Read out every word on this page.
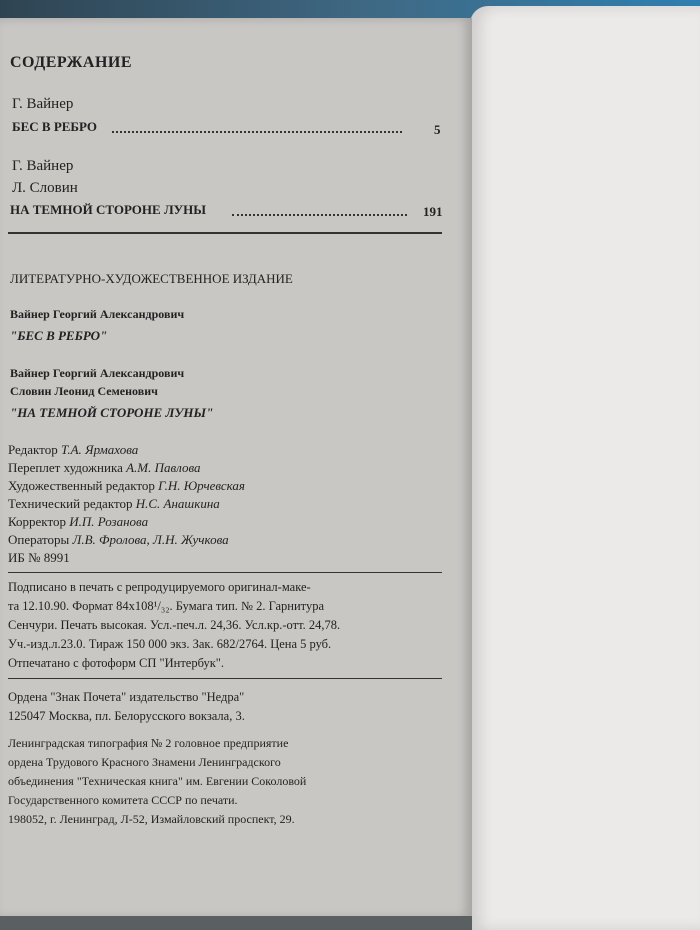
СОДЕРЖАНИЕ
Г. Вайнер
БЕС В РЕБРО	5
Г. Вайнер
Л. Словин
НА ТЕМНОЙ СТОРОНЕ ЛУНЫ	191
ЛИТЕРАТУРНО-ХУДОЖЕСТВЕННОЕ ИЗДАНИЕ
Вайнер Георгий Александрович
"БЕС В РЕБРО"
Вайнер Георгий Александрович
Словин Леонид Семенович
"НА ТЕМНОЙ СТОРОНЕ ЛУНЫ"
Редактор Т.А. Ярмахова
Переплет художника А.М. Павлова
Художественный редактор Г.Н. Юрчевская
Технический редактор Н.С. Анашкина
Корректор И.П. Розанова
Операторы Л.В. Фролова, Л.Н. Жучкова
ИБ № 8991
Подписано в печать с репродуцируемого оригинал-маке-
та 12.10.90. Формат 84х108¹/₃₂. Бумага тип. № 2. Гарнитура
Сенчури. Печать высокая. Усл.-печ.л. 24,36. Усл.кр.-отт. 24,78.
Уч.-изд.л.23.0. Тираж 150 000 экз. Зак. 682/2764. Цена 5 руб.
Отпечатано с фотоформ СП "Интербук".
Ордена "Знак Почета" издательство "Недра"
125047 Москва, пл. Белорусского вокзала, 3.
Ленинградская типография № 2 головное предприятие
ордена Трудового Красного Знамени Ленинградского
объединения "Техническая книга" им. Евгении Соколовой
Государственного комитета СССР по печати.
198052, г. Ленинград, Л-52, Измайловский проспект, 29.
